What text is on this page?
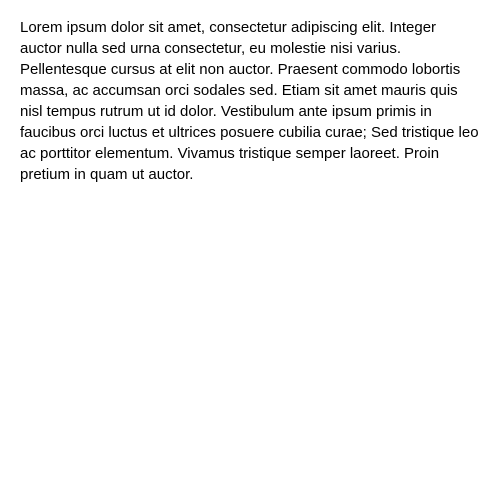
Lorem ipsum dolor sit amet, consectetur adipiscing elit. Integer auctor nulla sed urna consectetur, eu molestie nisi varius. Pellentesque cursus at elit non auctor. Praesent commodo lobortis massa, ac accumsan orci sodales sed. Etiam sit amet mauris quis nisl tempus rutrum ut id dolor. Vestibulum ante ipsum primis in faucibus orci luctus et ultrices posuere cubilia curae; Sed tristique leo ac porttitor elementum. Vivamus tristique semper laoreet. Proin pretium in quam ut auctor.
